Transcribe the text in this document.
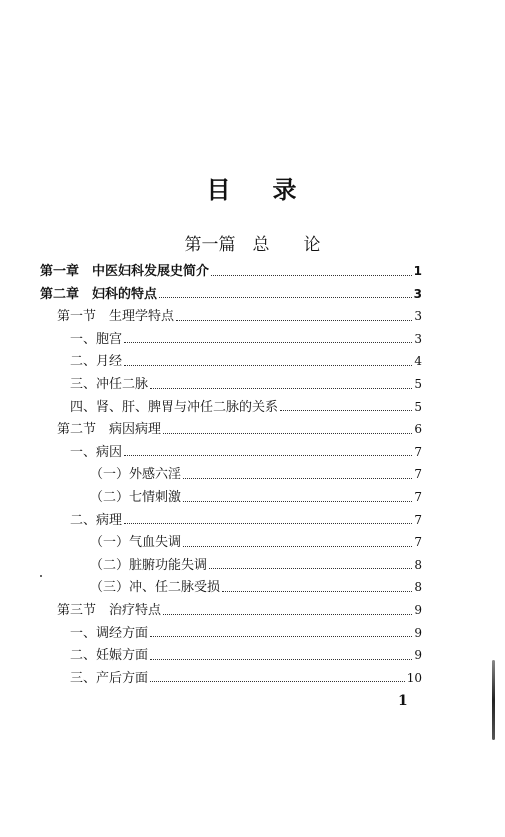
目 录
第一篇　总　　论
第一章　中医妇科发展史简介	1
第二章　妇科的特点	3
第一节　生理学特点	3
一、胞宫	3
二、月经	4
三、冲任二脉	5
四、肾、肝、脾胃与冲任二脉的关系	5
第二节　病因病理	6
一、病因	7
（一）外感六淫	7
（二）七情刺激	7
二、病理	7
（一）气血失调	7
（二）脏腑功能失调	8
（三）冲、任二脉受损	8
第三节　治疗特点	9
一、调经方面	9
二、妊娠方面	9
三、产后方面	10
1
